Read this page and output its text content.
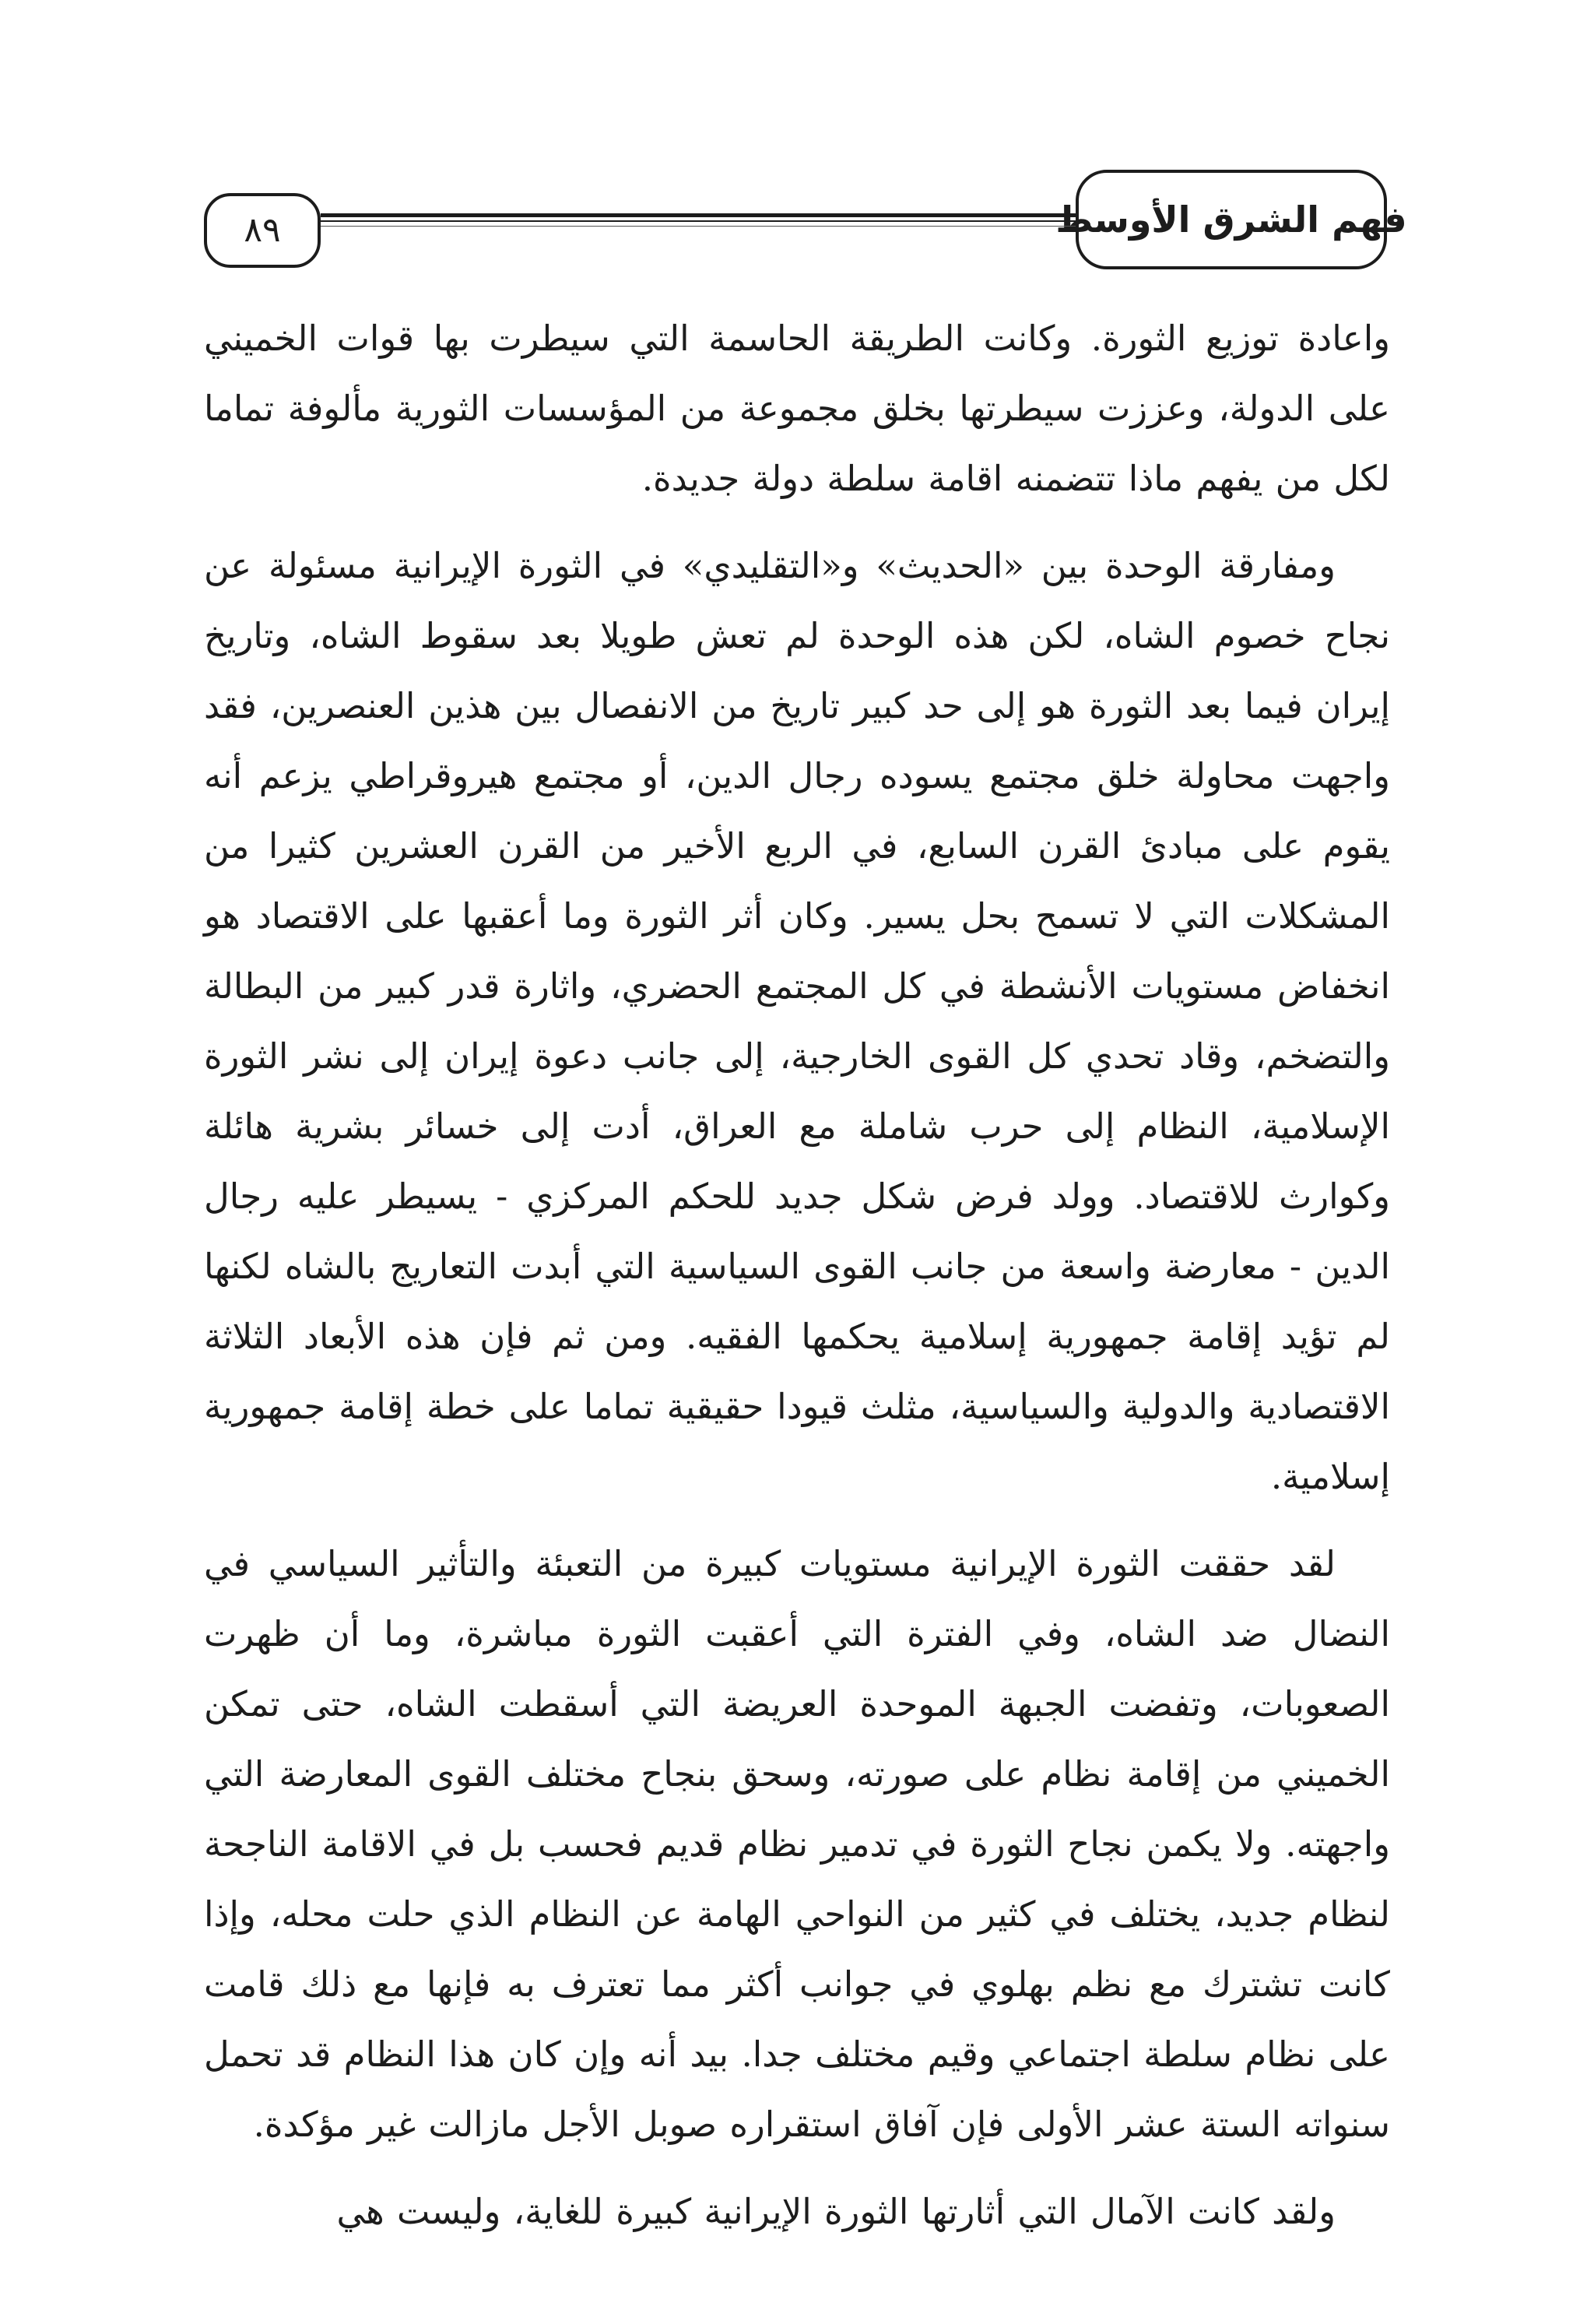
فهم الشرق الأوسط
٨٩

واعادة توزيع الثورة. وكانت الطريقة الحاسمة التي سيطرت بها قوات الخميني على الدولة، وعززت سيطرتها بخلق مجموعة من المؤسسات الثورية مألوفة تماما لكل من يفهم ماذا تتضمنه اقامة سلطة دولة جديدة.

ومفارقة الوحدة بين «الحديث» و«التقليدي» في الثورة الإيرانية مسئولة عن نجاح خصوم الشاه، لكن هذه الوحدة لم تعش طويلا بعد سقوط الشاه، وتاريخ إيران فيما بعد الثورة هو إلى حد كبير تاريخ من الانفصال بين هذين العنصرين، فقد واجهت محاولة خلق مجتمع يسوده رجال الدين، أو مجتمع هيروقراطي يزعم أنه يقوم على مبادئ القرن السابع، في الربع الأخير من القرن العشرين كثيرا من المشكلات التي لا تسمح بحل يسير. وكان أثر الثورة وما أعقبها على الاقتصاد هو انخفاض مستويات الأنشطة في كل المجتمع الحضري، واثارة قدر كبير من البطالة والتضخم، وقاد تحدي كل القوى الخارجية، إلى جانب دعوة إيران إلى نشر الثورة الإسلامية، النظام إلى حرب شاملة مع العراق، أدت إلى خسائر بشرية هائلة وكوارث للاقتصاد. وولد فرض شكل جديد للحكم المركزي - يسيطر عليه رجال الدين - معارضة واسعة من جانب القوى السياسية التي أبدت التعاريج بالشاه لكنها لم تؤيد إقامة جمهورية إسلامية يحكمها الفقيه. ومن ثم فإن هذه الأبعاد الثلاثة الاقتصادية والدولية والسياسية، مثلث قيودا حقيقية تماما على خطة إقامة جمهورية إسلامية.

لقد حققت الثورة الإيرانية مستويات كبيرة من التعبئة والتأثير السياسي في النضال ضد الشاه، وفي الفترة التي أعقبت الثورة مباشرة، وما أن ظهرت الصعوبات، وتفضت الجبهة الموحدة العريضة التي أسقطت الشاه، حتى تمكن الخميني من إقامة نظام على صورته، وسحق بنجاح مختلف القوى المعارضة التي واجهته. ولا يكمن نجاح الثورة في تدمير نظام قديم فحسب بل في الاقامة الناجحة لنظام جديد، يختلف في كثير من النواحي الهامة عن النظام الذي حلت محله، وإذا كانت تشترك مع نظم بهلوي في جوانب أكثر مما تعترف به فإنها مع ذلك قامت على نظام سلطة اجتماعي وقيم مختلف جدا. بيد أنه وإن كان هذا النظام قد تحمل سنواته الستة عشر الأولى فإن آفاق استقراره صوبل الأجل مازالت غير مؤكدة.

ولقد كانت الآمال التي أثارتها الثورة الإيرانية كبيرة للغاية، وليست هي
